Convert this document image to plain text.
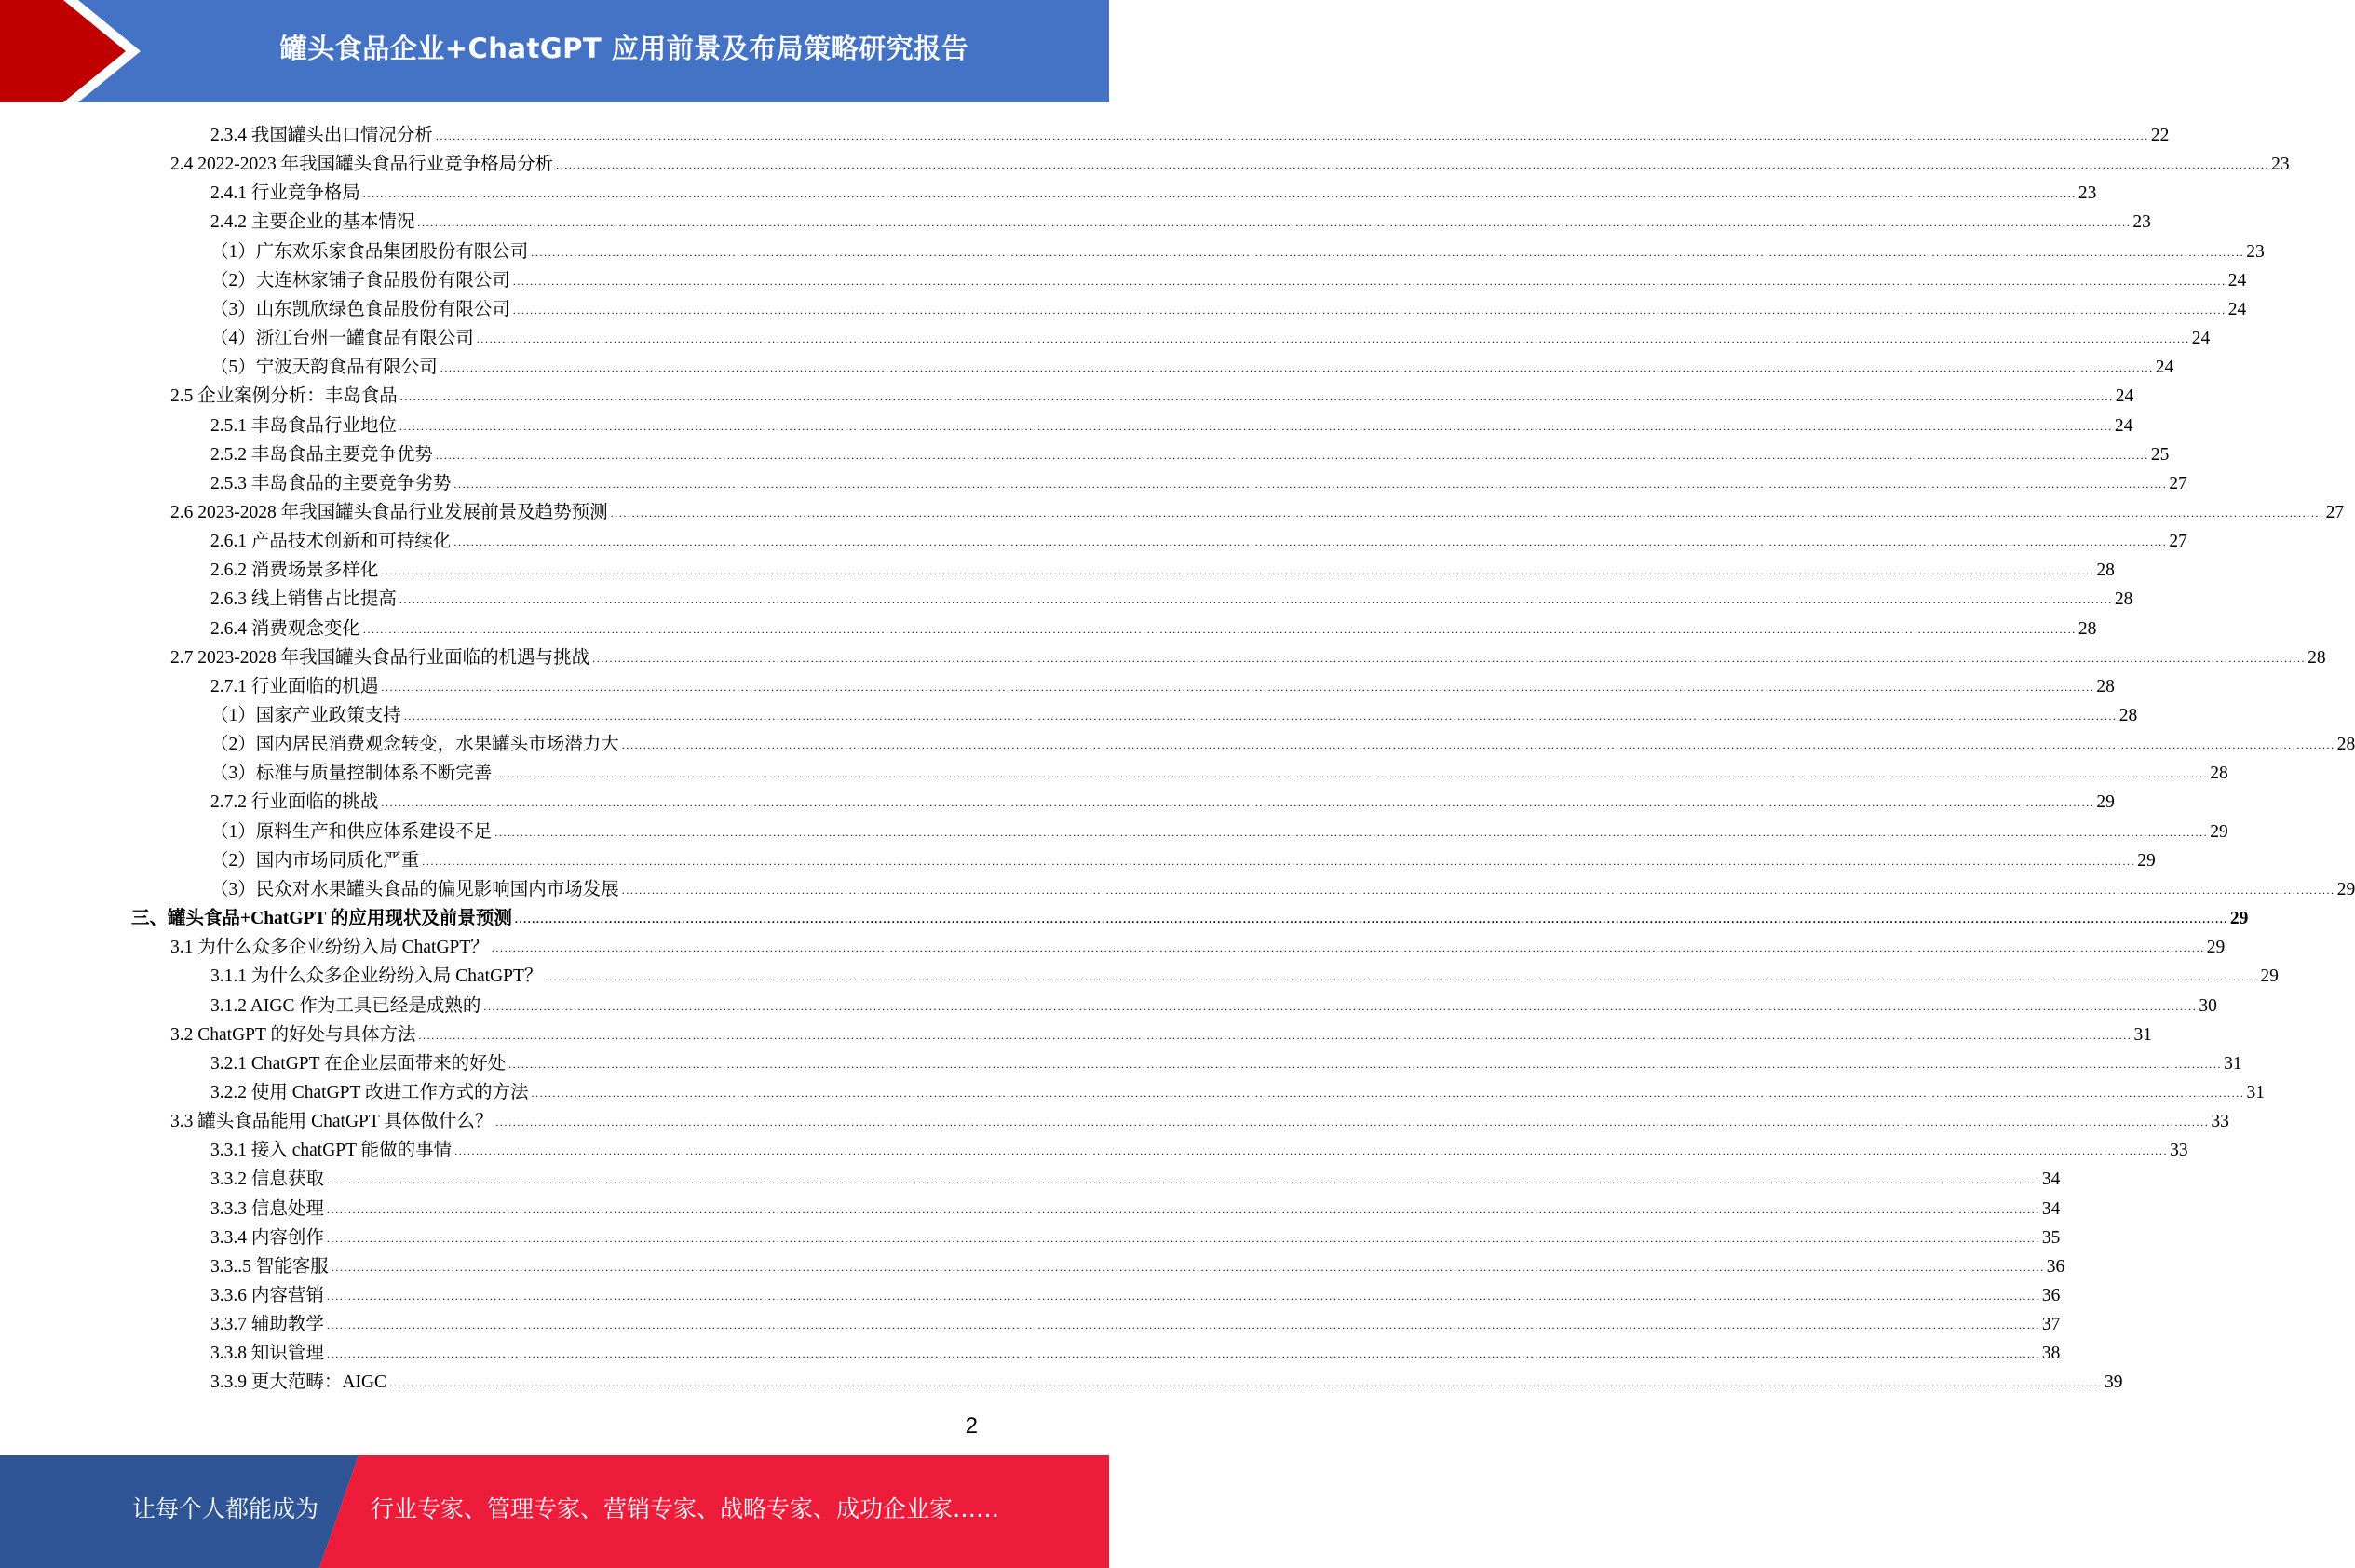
罐头食品企业+ChatGPT 应用前景及布局策略研究报告
2.3.4 我国罐头出口情况分析 ................................................................................................................................................................................................................................................................................................................................................................................................................ 22
2.4 2022-2023 年我国罐头食品行业竞争格局分析 ................................................................................................................................................................................................................................................................................................................................................................................................................ 23
2.4.1 行业竞争格局 ................................................................................................................................................................................................................................................................................................................................................................................................................ 23
2.4.2 主要企业的基本情况 ................................................................................................................................................................................................................................................................................................................................................................................................................ 23
（1）广东欢乐家食品集团股份有限公司 ................................................................................................................................................................................................................................................................................................................................................................................................................ 23
（2）大连林家铺子食品股份有限公司 ................................................................................................................................................................................................................................................................................................................................................................................................................ 24
（3）山东凯欣绿色食品股份有限公司 ................................................................................................................................................................................................................................................................................................................................................................................................................ 24
（4）浙江台州一罐食品有限公司 ................................................................................................................................................................................................................................................................................................................................................................................................................ 24
（5）宁波天韵食品有限公司 ................................................................................................................................................................................................................................................................................................................................................................................................................ 24
2.5 企业案例分析：丰岛食品 ................................................................................................................................................................................................................................................................................................................................................................................................................ 24
2.5.1 丰岛食品行业地位 ................................................................................................................................................................................................................................................................................................................................................................................................................ 24
2.5.2 丰岛食品主要竞争优势 ................................................................................................................................................................................................................................................................................................................................................................................................................ 25
2.5.3 丰岛食品的主要竞争劣势 ................................................................................................................................................................................................................................................................................................................................................................................................................ 27
2.6 2023-2028 年我国罐头食品行业发展前景及趋势预测 ................................................................................................................................................................................................................................................................................................................................................................................................................ 27
2.6.1 产品技术创新和可持续化 ................................................................................................................................................................................................................................................................................................................................................................................................................ 27
2.6.2 消费场景多样化 ................................................................................................................................................................................................................................................................................................................................................................................................................ 28
2.6.3 线上销售占比提高 ................................................................................................................................................................................................................................................................................................................................................................................................................ 28
2.6.4 消费观念变化 ................................................................................................................................................................................................................................................................................................................................................................................................................ 28
2.7 2023-2028 年我国罐头食品行业面临的机遇与挑战 ................................................................................................................................................................................................................................................................................................................................................................................................................ 28
2.7.1 行业面临的机遇 ................................................................................................................................................................................................................................................................................................................................................................................................................ 28
（1）国家产业政策支持 ................................................................................................................................................................................................................................................................................................................................................................................................................ 28
（2）国内居民消费观念转变，水果罐头市场潜力大 ................................................................................................................................................................................................................................................................................................................................................................................................................ 28
（3）标准与质量控制体系不断完善 ................................................................................................................................................................................................................................................................................................................................................................................................................ 28
2.7.2 行业面临的挑战 ................................................................................................................................................................................................................................................................................................................................................................................................................ 29
（1）原料生产和供应体系建设不足 ................................................................................................................................................................................................................................................................................................................................................................................................................ 29
（2）国内市场同质化严重 ................................................................................................................................................................................................................................................................................................................................................................................................................ 29
（3）民众对水果罐头食品的偏见影响国内市场发展 ................................................................................................................................................................................................................................................................................................................................................................................................................ 29
三、罐头食品+ChatGPT 的应用现状及前景预测 ................................................................................................................................................................................................................................................................................................................................................................................................................ 29
3.1 为什么众多企业纷纷入局 ChatGPT？ ................................................................................................................................................................................................................................................................................................................................................................................................................ 29
3.1.1 为什么众多企业纷纷入局 ChatGPT？ ................................................................................................................................................................................................................................................................................................................................................................................................................ 29
3.1.2 AIGC 作为工具已经是成熟的 ................................................................................................................................................................................................................................................................................................................................................................................................................ 30
3.2 ChatGPT 的好处与具体方法 ................................................................................................................................................................................................................................................................................................................................................................................................................ 31
3.2.1 ChatGPT 在企业层面带来的好处 ................................................................................................................................................................................................................................................................................................................................................................................................................ 31
3.2.2 使用 ChatGPT 改进工作方式的方法 ................................................................................................................................................................................................................................................................................................................................................................................................................ 31
3.3 罐头食品能用 ChatGPT 具体做什么？ ................................................................................................................................................................................................................................................................................................................................................................................................................ 33
3.3.1 接入 chatGPT 能做的事情 ................................................................................................................................................................................................................................................................................................................................................................................................................ 33
3.3.2 信息获取 ................................................................................................................................................................................................................................................................................................................................................................................................................ 34
3.3.3 信息处理 ................................................................................................................................................................................................................................................................................................................................................................................................................ 34
3.3.4 内容创作 ................................................................................................................................................................................................................................................................................................................................................................................................................ 35
3.3..5 智能客服 ................................................................................................................................................................................................................................................................................................................................................................................................................ 36
3.3.6 内容营销 ................................................................................................................................................................................................................................................................................................................................................................................................................ 36
3.3.7 辅助教学 ................................................................................................................................................................................................................................................................................................................................................................................................................ 37
3.3.8 知识管理 ................................................................................................................................................................................................................................................................................................................................................................................................................ 38
3.3.9 更大范畴：AIGC ................................................................................................................................................................................................................................................................................................................................................................................................................ 39
2
让每个人都能成为 行业专家、管理专家、营销专家、战略专家、成功企业家……
